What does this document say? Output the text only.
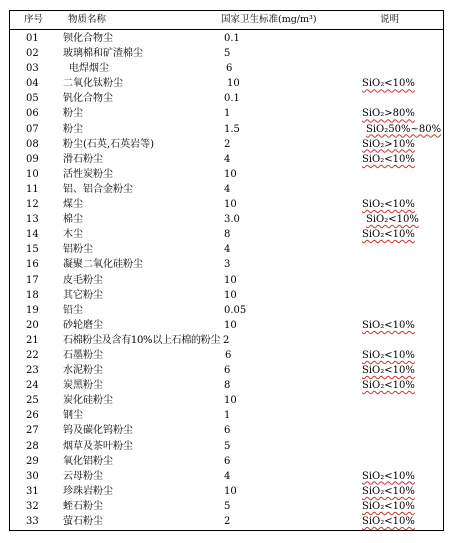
序号	物质名称	国家卫生标准(mg/m³)	说明
01 钡化合物尘	0.1
02 玻璃棉和矿渣棉尘	5
03	电焊烟尘	6
04 二氧化钛粉尘	10	SiO₂<10%
05 钒化合物尘	0.1
06 粉尘	1	SiO₂>80%
07 粉尘	1.5	SiO₂50%~80%
08 粉尘(石英,石英岩等)	2	SiO₂>10%
09 滑石粉尘	4	SiO₂<10%
10 活性炭粉尘	10
11 铝、铝合金粉尘	4
12 煤尘	10	SiO₂<10%
13 棉尘	3.0	SiO₂<10%
14 木尘	8	SiO₂<10%
15 铝粉尘	4
16 凝聚二氧化硅粉尘	3
17 皮毛粉尘	10
18 其它粉尘	10
19 铅尘	0.05
20 砂轮磨尘	10	SiO₂<10%
21 石棉粉尘及含有10%以上石棉的粉尘 2
22 石墨粉尘	6	SiO₂<10%
23 水泥粉尘	6	SiO₂<10%
24 炭黑粉尘	8	SiO₂<10%
25 炭化硅粉尘	10
26 钢尘	1
27 钨及碳化钨粉尘	6
28 烟草及茶叶粉尘	5
29 氧化铝粉尘	6
30 云母粉尘	4	SiO₂<10%
31 珍珠岩粉尘	10	SiO₂<10%
32 蛭石粉尘	5	SiO₂<10%
33 萤石粉尘	2	SiO₂<10%
